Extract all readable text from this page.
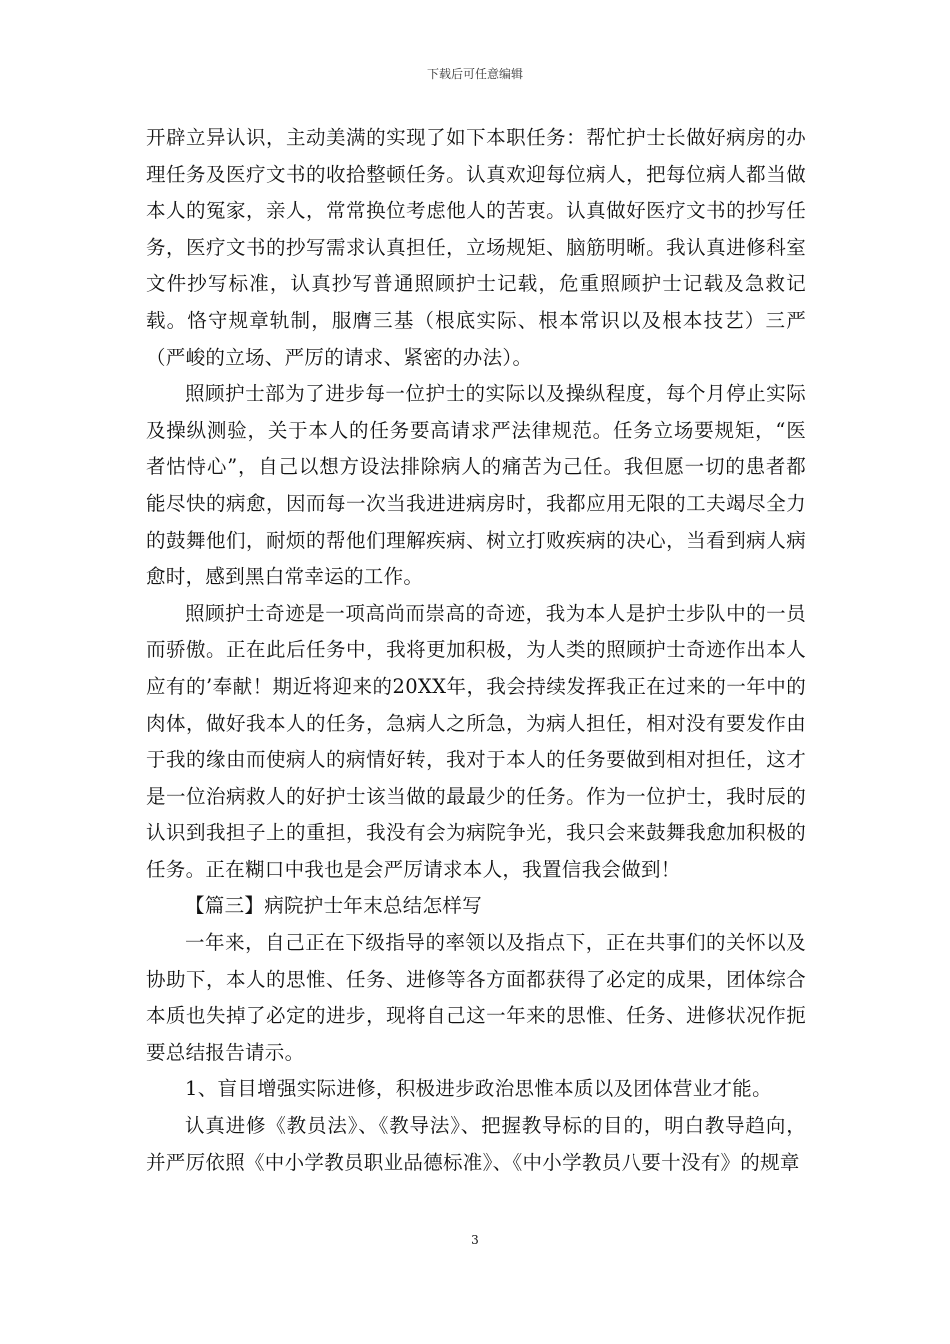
下载后可任意编辑

开辟立异认识，主动美满的实现了如下本职任务：帮忙护士长做好病房的办理任务及医疗文书的收拾整顿任务。认真欢迎每位病人，把每位病人都当做本人的冤家，亲人，常常换位考虑他人的苦衷。认真做好医疗文书的抄写任务，医疗文书的抄写需求认真担任，立场规矩、脑筋明晰。我认真进修科室文件抄写标准，认真抄写普通照顾护士记载，危重照顾护士记载及急救记载。恪守规章轨制，服膺三基（根底实际、根本常识以及根本技艺）三严（严峻的立场、严厉的请求、紧密的办法）。

照顾护士部为了进步每一位护士的实际以及操纵程度，每个月停止实际及操纵测验，关于本人的任务要高请求严法律规范。任务立场要规矩，“医者怙恃心”，自己以想方设法排除病人的痛苦为己任。我但愿一切的患者都能尽快的病愈，因而每一次当我进进病房时，我都应用无限的工夫竭尽全力的鼓舞他们，耐烦的帮他们理解疾病、树立打败疾病的决心，当看到病人病愈时，感到黑白常幸运的工作。

照顾护士奇迹是一项高尚而崇高的奇迹，我为本人是护士步队中的一员而骄傲。正在此后任务中，我将更加积极，为人类的照顾护士奇迹作出本人应有的’奉献！期近将迎来的20XX年，我会持续发挥我正在过来的一年中的肉体，做好我本人的任务，急病人之所急，为病人担任，相对没有要发作由于我的缘由而使病人的病情好转，我对于本人的任务要做到相对担任，这才是一位治病救人的好护士该当做的最最少的任务。作为一位护士，我时辰的认识到我担子上的重担，我没有会为病院争光，我只会来鼓舞我愈加积极的任务。正在糊口中我也是会严厉请求本人，我置信我会做到！

【篇三】病院护士年末总结怎样写

一年来，自己正在下级指导的率领以及指点下，正在共事们的关怀以及协助下，本人的思惟、任务、进修等各方面都获得了必定的成果，团体综合本质也失掉了必定的进步，现将自己这一年来的思惟、任务、进修状况作扼要总结报告请示。

1、盲目增强实际进修，积极进步政治思惟本质以及团体营业才能。

认真进修《教员法》、《教导法》、把握教导标的目的，明白教导趋向，并严厉依照《中小学教员职业品德标准》、《中小学教员八要十没有》的规章

3
